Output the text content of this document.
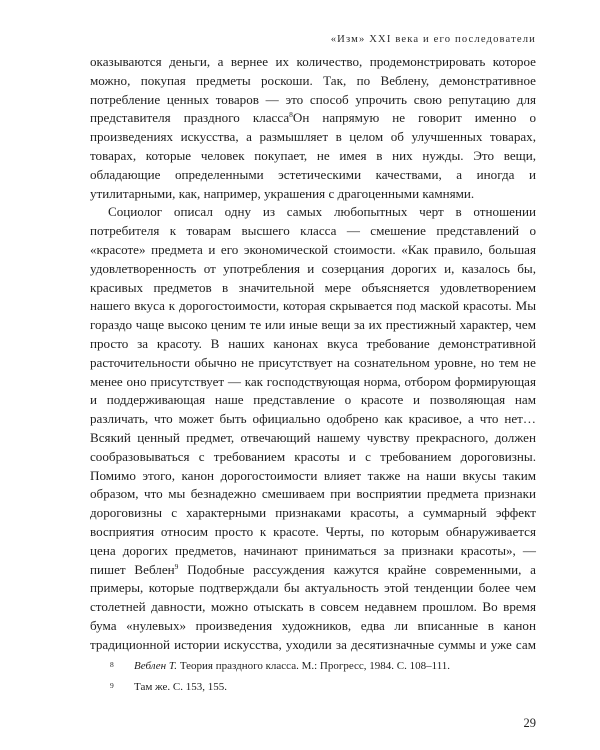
«Изм» XXI века и его последователи

оказываются деньги, а вернее их количество, продемонстрировать которое можно, покупая предметы роскоши. Так, по Веблену, демонстративное потребление ценных товаров — это способ упрочить свою репутацию для представителя праздного класса$^8$Он напрямую не говорит именно о произведениях искусства, а размышляет в целом об улучшенных товарах, товарах, которые человек покупает, не имея в них нужды. Это вещи, обладающие определенными эстетическими качествами, а иногда и утилитарными, как, например, украшения с драгоценными камнями.

Социолог описал одну из самых любопытных черт в отношении потребителя к товарам высшего класса — смешение представлений о «красоте» предмета и его экономической стоимости. «Как правило, большая удовлетворенность от употребления и созерцания дорогих и, казалось бы, красивых предметов в значительной мере объясняется удовлетворением нашего вкуса к дорогостоимости, которая скрывается под маской красоты. Мы гораздо чаще высоко ценим те или иные вещи за их престижный характер, чем просто за красоту. В наших канонах вкуса требование демонстративной расточительности обычно не присутствует на сознательном уровне, но тем не менее оно присутствует — как господствующая норма, отбором формирующая и поддерживающая наше представление о красоте и позволяющая нам различать, что может быть официально одобрено как красивое, а что нет… Всякий ценный предмет, отвечающий нашему чувству прекрасного, должен сообразовываться с требованием красоты и с требованием дороговизны. Помимо этого, канон дорогостоимости влияет также на наши вкусы таким образом, что мы безнадежно смешиваем при восприятии предмета признаки дороговизны с характерными признаками красоты, а суммарный эффект восприятия относим просто к красоте. Черты, по которым обнаруживается цена дорогих предметов, начинают приниматься за признаки красоты», — пишет Веблен$^9$ Подобные рассуждения кажутся крайне современными, а примеры, которые подтверждали бы актуальность этой тенденции более чем столетней давности, можно отыскать в совсем недавнем прошлом. Во время бума «нулевых» произведения художников, едва ли вписанные в канон традиционной истории искусства, уходили за десятизначные суммы и уже сам

8 Веблен Т. Теория праздного класса. М.: Прогресс, 1984. С. 108–111.
9 Там же. С. 153, 155.
29
